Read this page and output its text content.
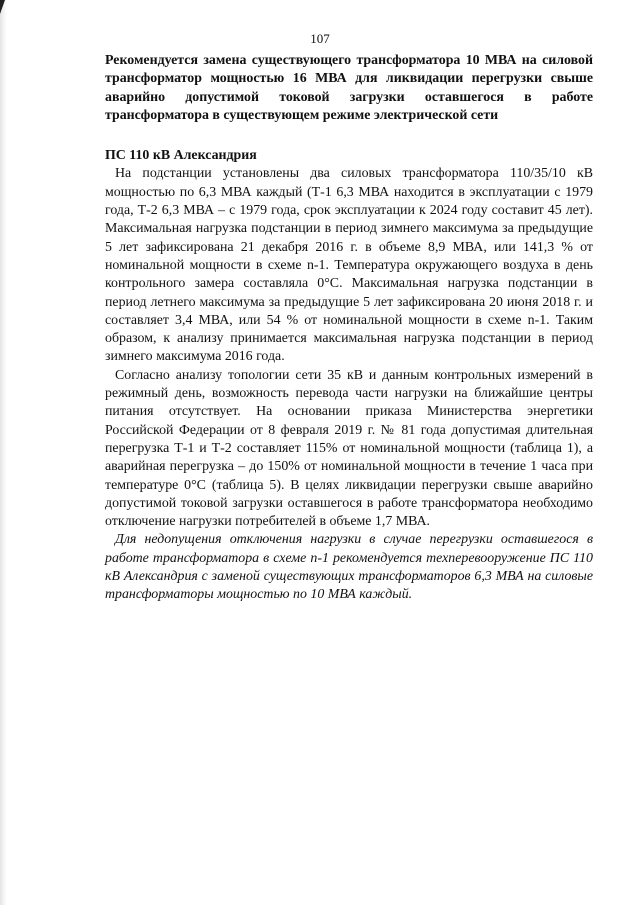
107

Рекомендуется замена существующего трансформатора 10 МВА на силовой трансформатор мощностью 16 МВА для ликвидации перегрузки свыше аварийно допустимой токовой загрузки оставшегося в работе трансформатора в существующем режиме электрической сети

ПС 110 кВ Александрия

На подстанции установлены два силовых трансформатора 110/35/10 кВ мощностью по 6,3 МВА каждый (Т-1 6,3 МВА находится в эксплуатации с 1979 года, Т-2 6,3 МВА – с 1979 года, срок эксплуатации к 2024 году составит 45 лет). Максимальная нагрузка подстанции в период зимнего максимума за предыдущие 5 лет зафиксирована 21 декабря 2016 г. в объеме 8,9 МВА, или 141,3 % от номинальной мощности в схеме n-1. Температура окружающего воздуха в день контрольного замера составляла 0°С. Максимальная нагрузка подстанции в период летнего максимума за предыдущие 5 лет зафиксирована 20 июня 2018 г. и составляет 3,4 МВА, или 54 % от номинальной мощности в схеме n-1. Таким образом, к анализу принимается максимальная нагрузка подстанции в период зимнего максимума 2016 года.

Согласно анализу топологии сети 35 кВ и данным контрольных измерений в режимный день, возможность перевода части нагрузки на ближайшие центры питания отсутствует. На основании приказа Министерства энергетики Российской Федерации от 8 февраля 2019 г. № 81 года допустимая длительная перегрузка Т-1 и Т-2 составляет 115% от номинальной мощности (таблица 1), а аварийная перегрузка – до 150% от номинальной мощности в течение 1 часа при температуре 0°С (таблица 5). В целях ликвидации перегрузки свыше аварийно допустимой токовой загрузки оставшегося в работе трансформатора необходимо отключение нагрузки потребителей в объеме 1,7 МВА.

Для недопущения отключения нагрузки в случае перегрузки оставшегося в работе трансформатора в схеме n-1 рекомендуется техперевооружение ПС 110 кВ Александрия с заменой существующих трансформаторов 6,3 МВА на силовые трансформаторы мощностью по 10 МВА каждый.
